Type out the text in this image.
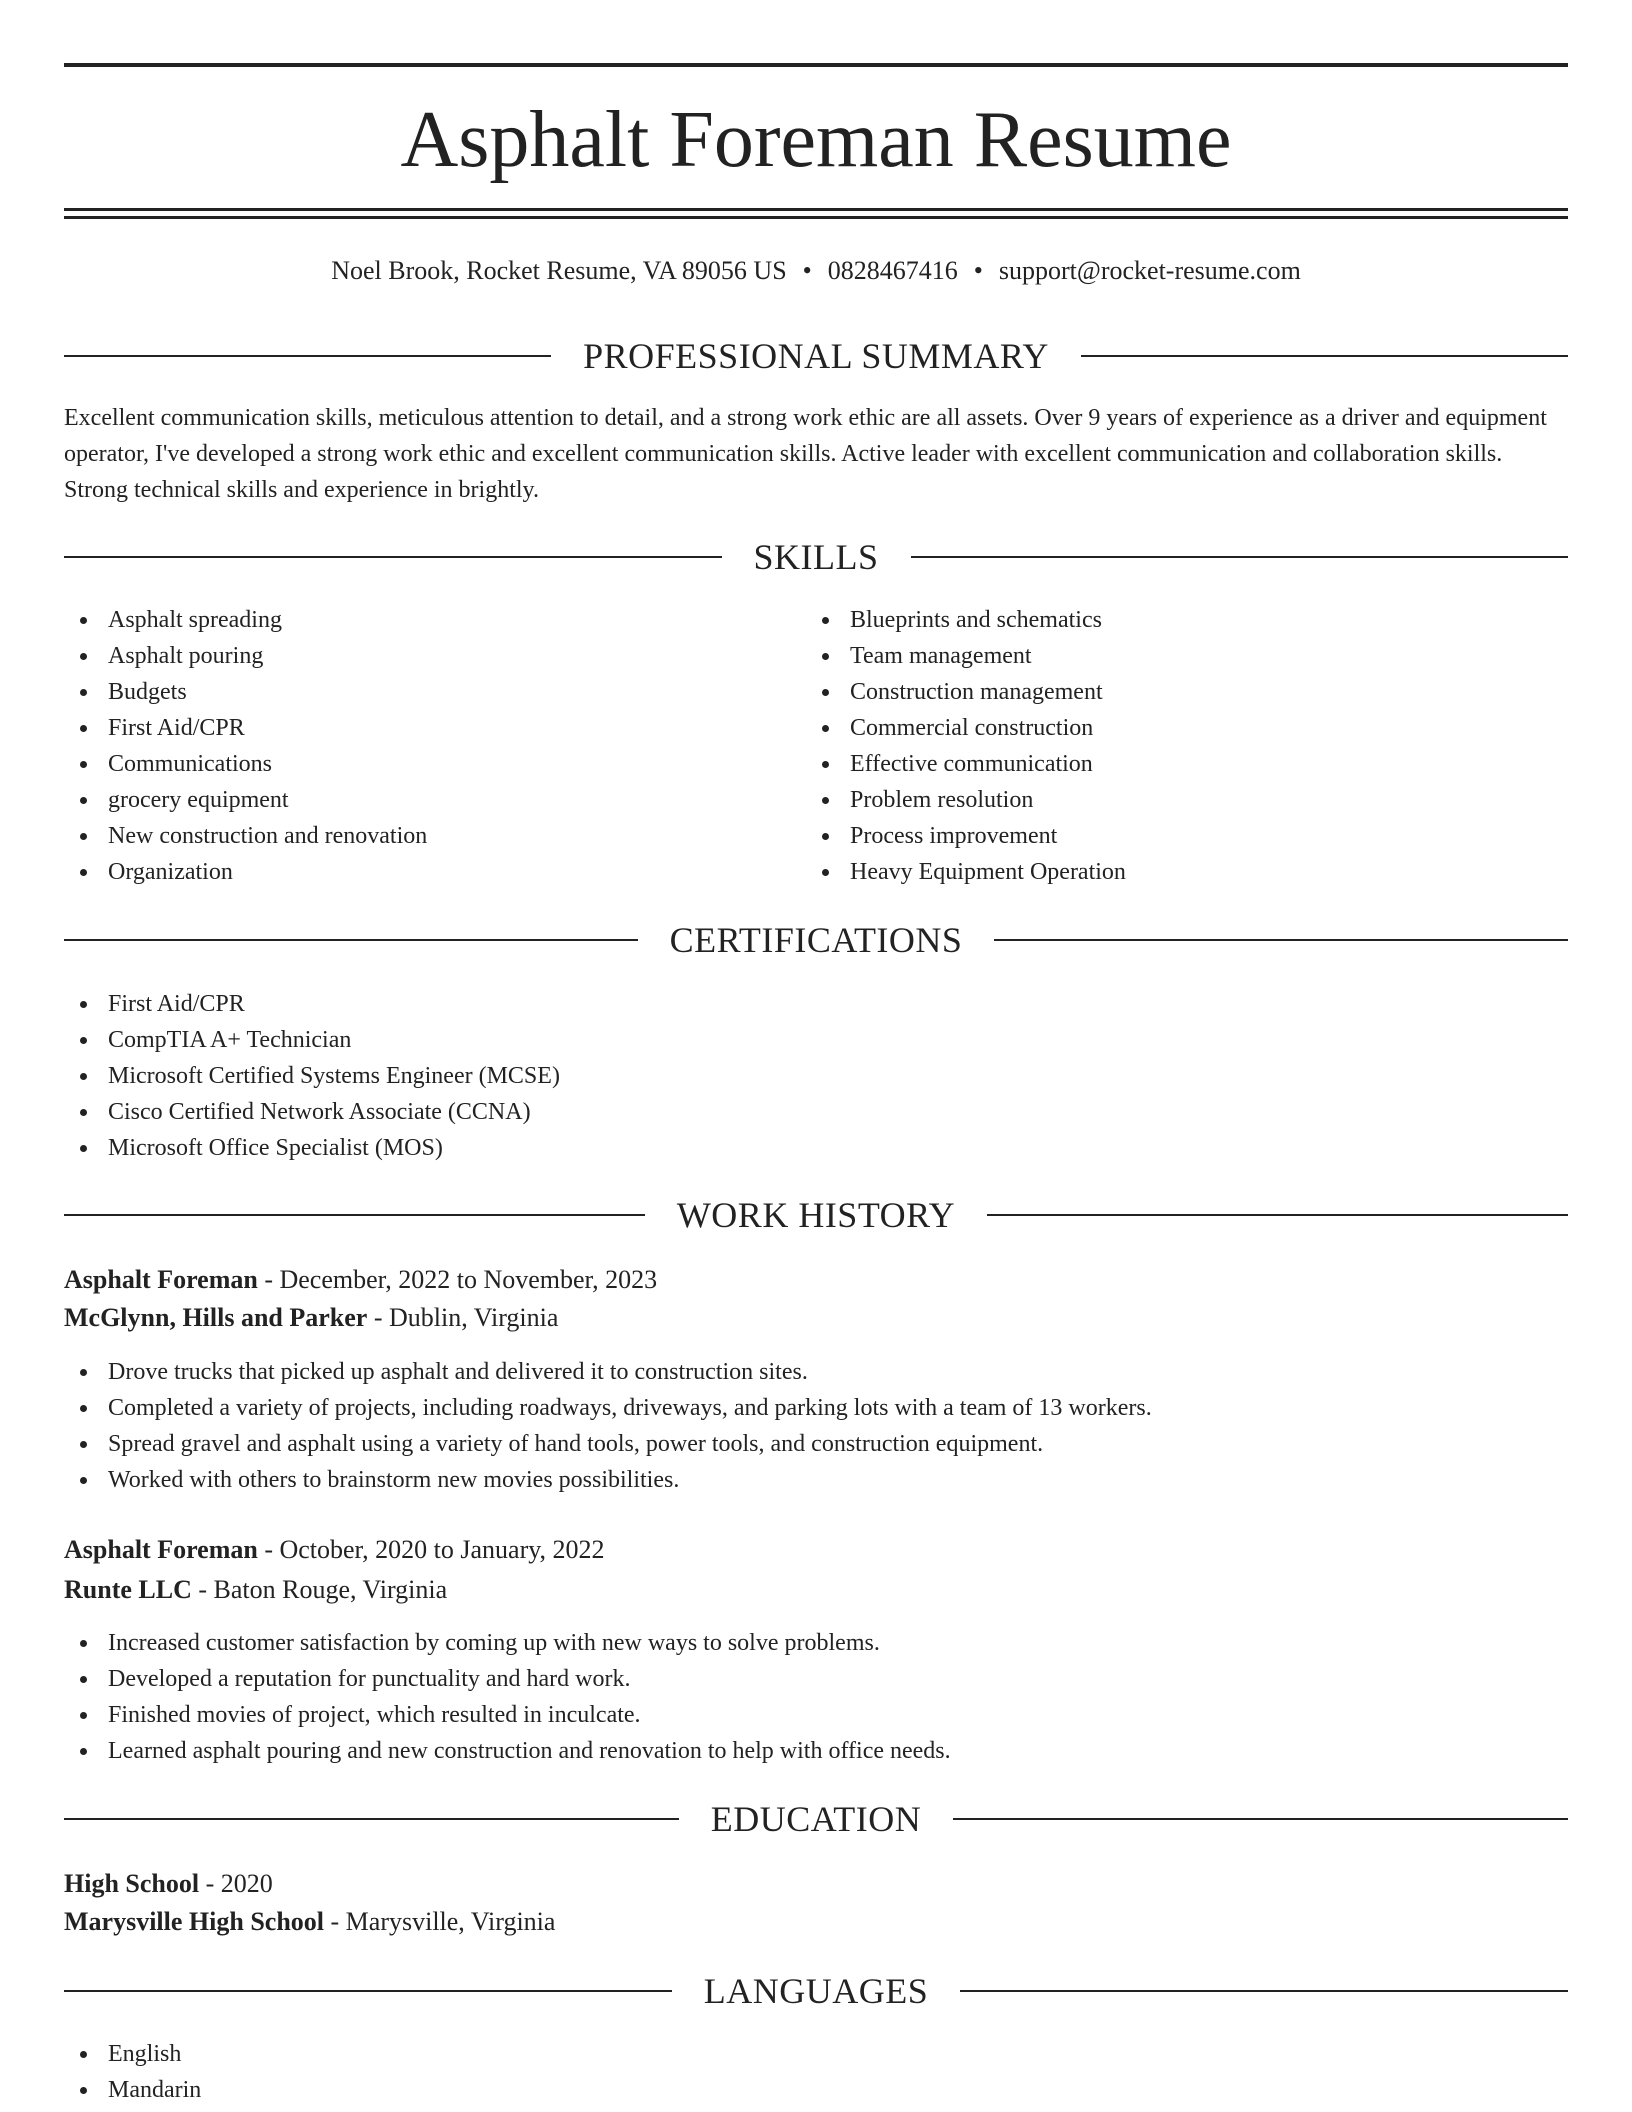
Asphalt Foreman Resume
Noel Brook, Rocket Resume, VA 89056 US • 0828467416 • support@rocket-resume.com
PROFESSIONAL SUMMARY

Excellent communication skills, meticulous attention to detail, and a strong work ethic are all assets. Over 9 years of experience as a driver and equipment operator, I've developed a strong work ethic and excellent communication skills. Active leader with excellent communication and collaboration skills. Strong technical skills and experience in brightly.

SKILLS
Asphalt spreading
Asphalt pouring
Budgets
First Aid/CPR
Communications
grocery equipment
New construction and renovation
Organization
Blueprints and schematics
Team management
Construction management
Commercial construction
Effective communication
Problem resolution
Process improvement
Heavy Equipment Operation
CERTIFICATIONS
First Aid/CPR
CompTIA A+ Technician
Microsoft Certified Systems Engineer (MCSE)
Cisco Certified Network Associate (CCNA)
Microsoft Office Specialist (MOS)
WORK HISTORY
Asphalt Foreman - December, 2022 to November, 2023
McGlynn, Hills and Parker - Dublin, Virginia
Drove trucks that picked up asphalt and delivered it to construction sites.
Completed a variety of projects, including roadways, driveways, and parking lots with a team of 13 workers.
Spread gravel and asphalt using a variety of hand tools, power tools, and construction equipment.
Worked with others to brainstorm new movies possibilities.
Asphalt Foreman - October, 2020 to January, 2022
Runte LLC - Baton Rouge, Virginia
Increased customer satisfaction by coming up with new ways to solve problems.
Developed a reputation for punctuality and hard work.
Finished movies of project, which resulted in inculcate.
Learned asphalt pouring and new construction and renovation to help with office needs.
EDUCATION
High School - 2020
Marysville High School - Marysville, Virginia
LANGUAGES
English
Mandarin
